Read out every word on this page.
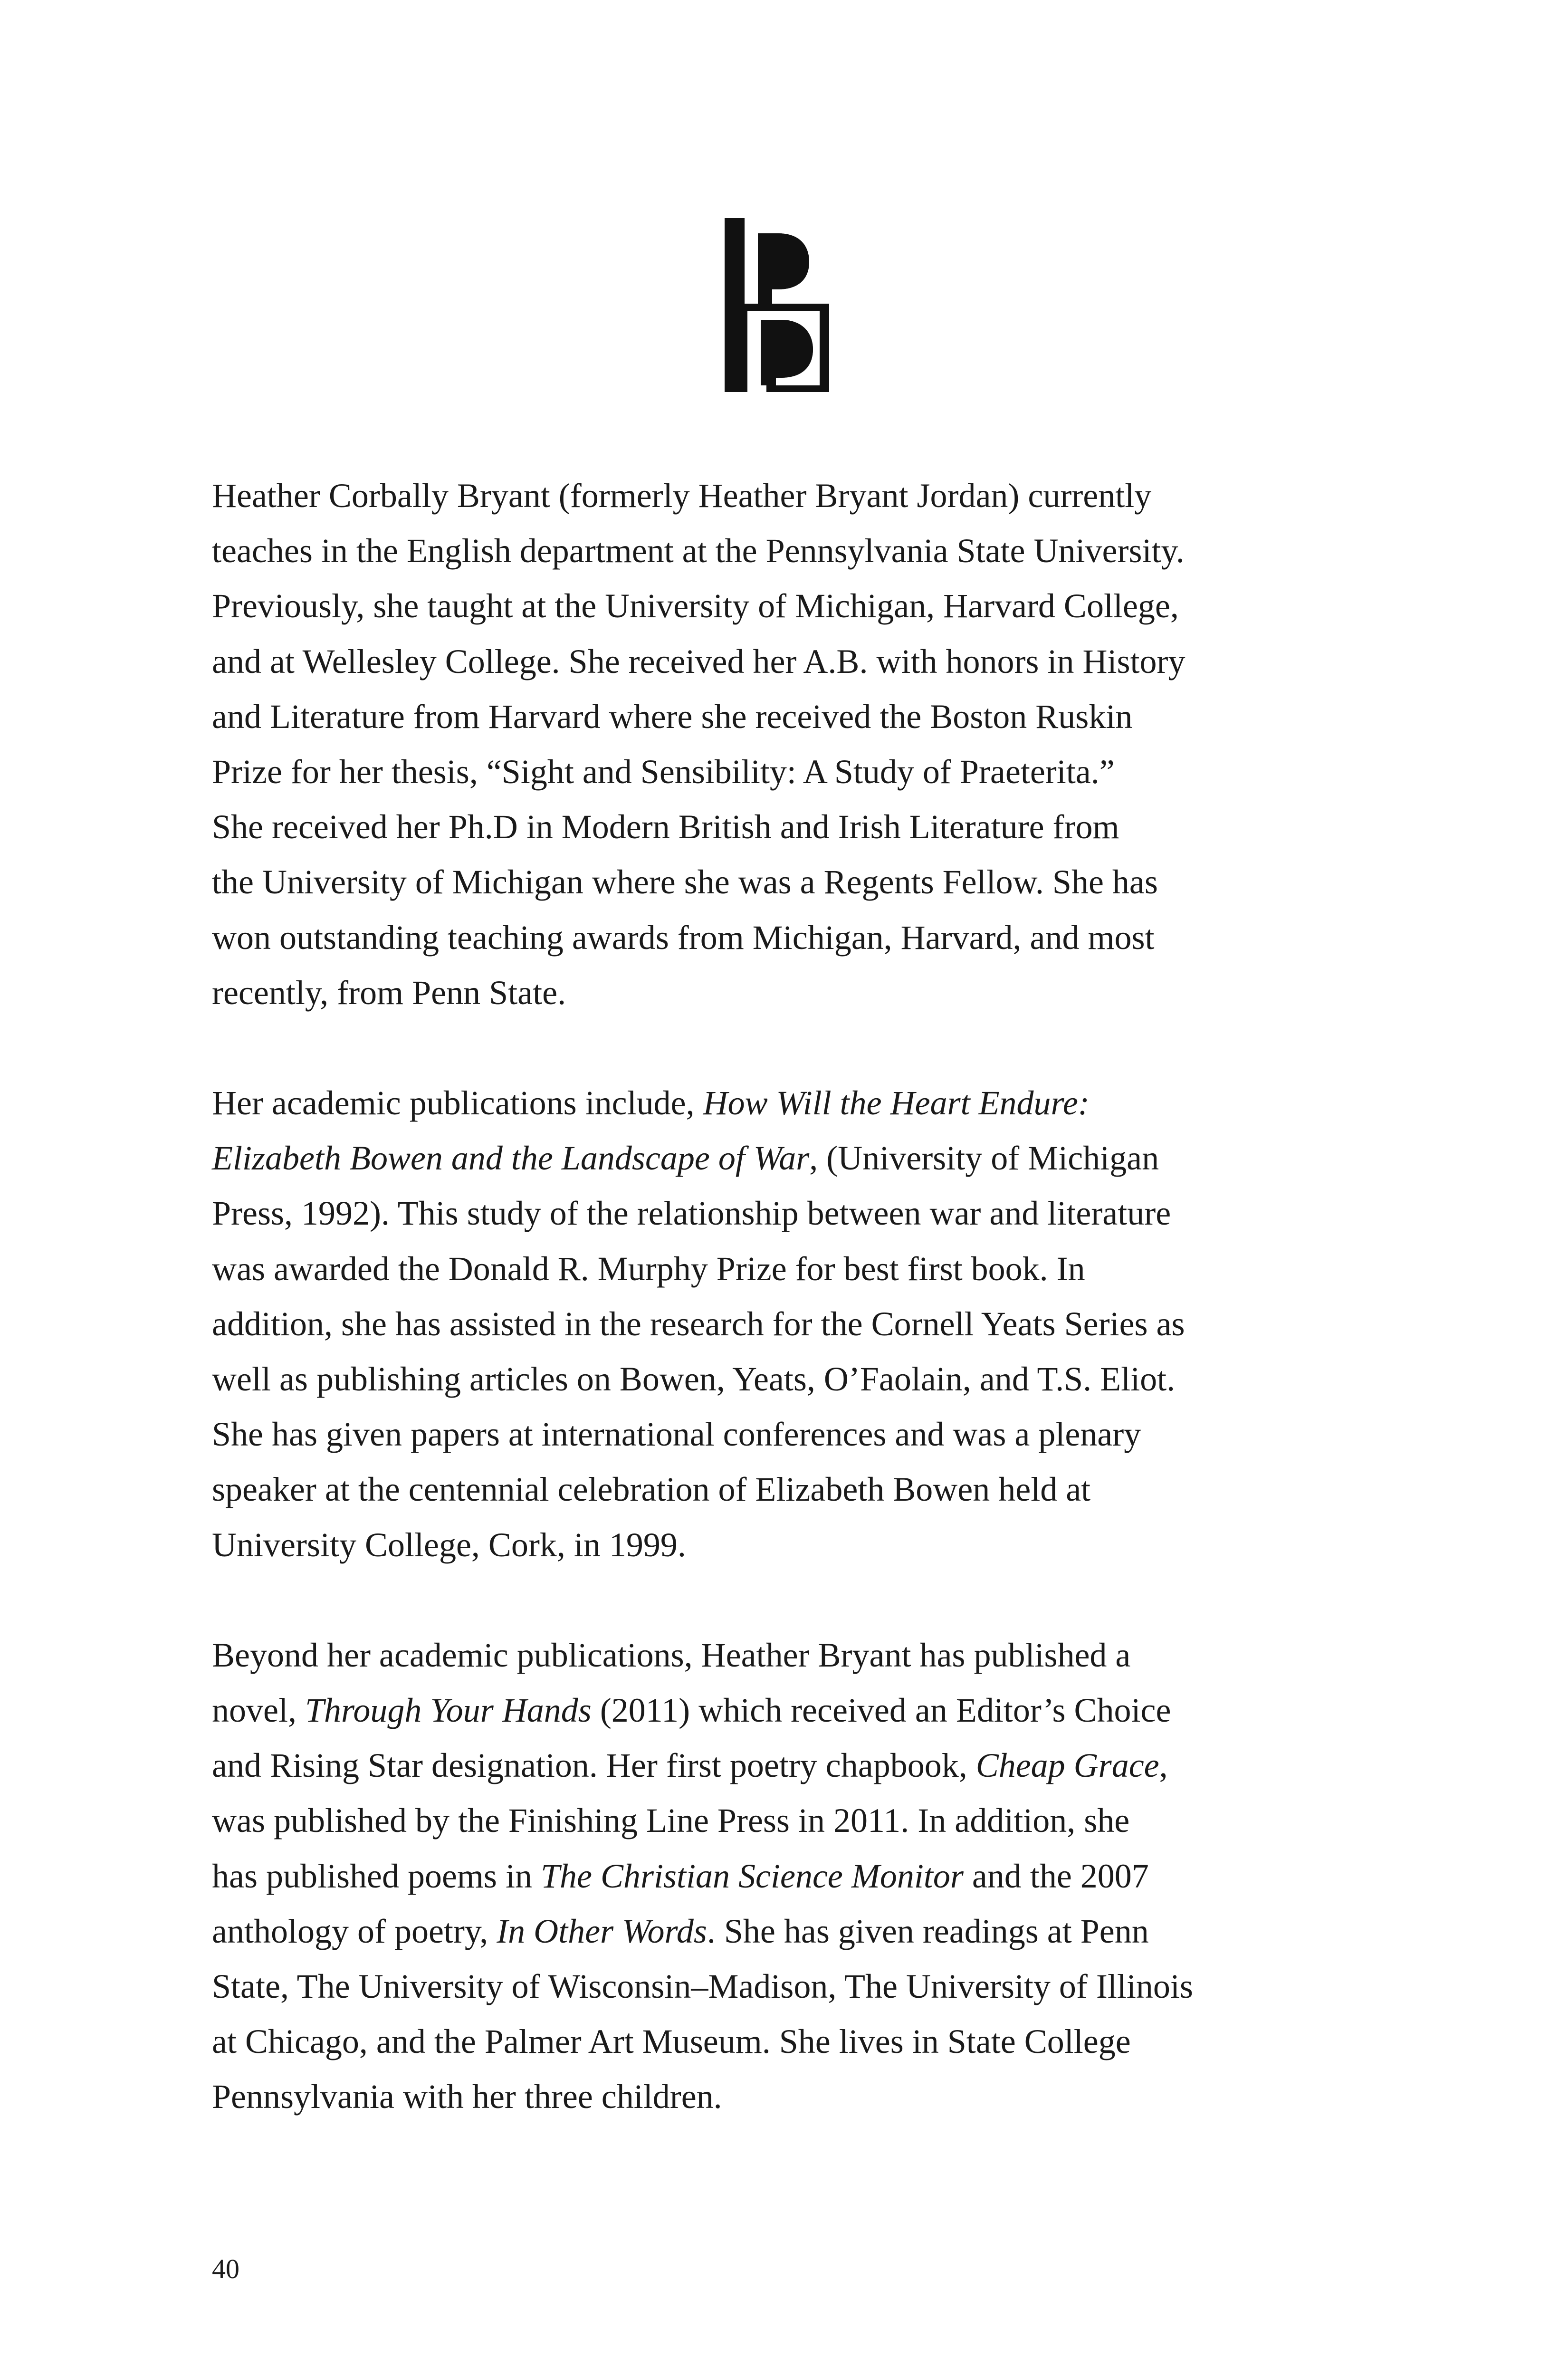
Heather Corbally Bryant (formerly Heather Bryant Jordan) currently
teaches in the English department at the Pennsylvania State University.
Previously, she taught at the University of Michigan, Harvard College,
and at Wellesley College. She received her A.B. with honors in History
and Literature from Harvard where she received the Boston Ruskin
Prize for her thesis, “Sight and Sensibility: A Study of Praeterita.”
She received her Ph.D in Modern British and Irish Literature from
the University of Michigan where she was a Regents Fellow. She has
won outstanding teaching awards from Michigan, Harvard, and most
recently, from Penn State.

Her academic publications include, How Will the Heart Endure:
Elizabeth Bowen and the Landscape of War, (University of Michigan
Press, 1992). This study of the relationship between war and literature
was awarded the Donald R. Murphy Prize for best first book. In
addition, she has assisted in the research for the Cornell Yeats Series as
well as publishing articles on Bowen, Yeats, O’Faolain, and T.S. Eliot.
She has given papers at international conferences and was a plenary
speaker at the centennial celebration of Elizabeth Bowen held at
University College, Cork, in 1999.

Beyond her academic publications, Heather Bryant has published a
novel, Through Your Hands (2011) which received an Editor’s Choice
and Rising Star designation. Her first poetry chapbook, Cheap Grace,
was published by the Finishing Line Press in 2011. In addition, she
has published poems in The Christian Science Monitor and the 2007
anthology of poetry, In Other Words. She has given readings at Penn
State, The University of Wisconsin–Madison, The University of Illinois
at Chicago, and the Palmer Art Museum. She lives in State College
Pennsylvania with her three children.

40
